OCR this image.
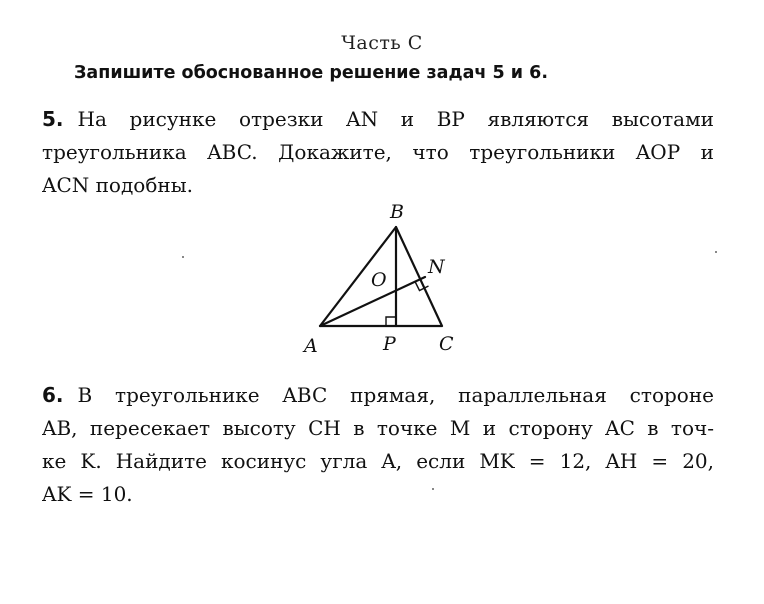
Часть С
Запишите обоснованное решение задач 5 и 6.
5. На рисунке отрезки AN и BP являются высотами
треугольника ABC. Докажите, что треугольники AOP и
ACN подобны.
B
O
N
A	P C
6. В треугольнике ABC прямая, параллельная стороне
AB, пересекает высоту CH в точке M и сторону AC в точ-
ке K. Найдите косинус угла A, если MK = 12, AH = 20,
AK = 10.
